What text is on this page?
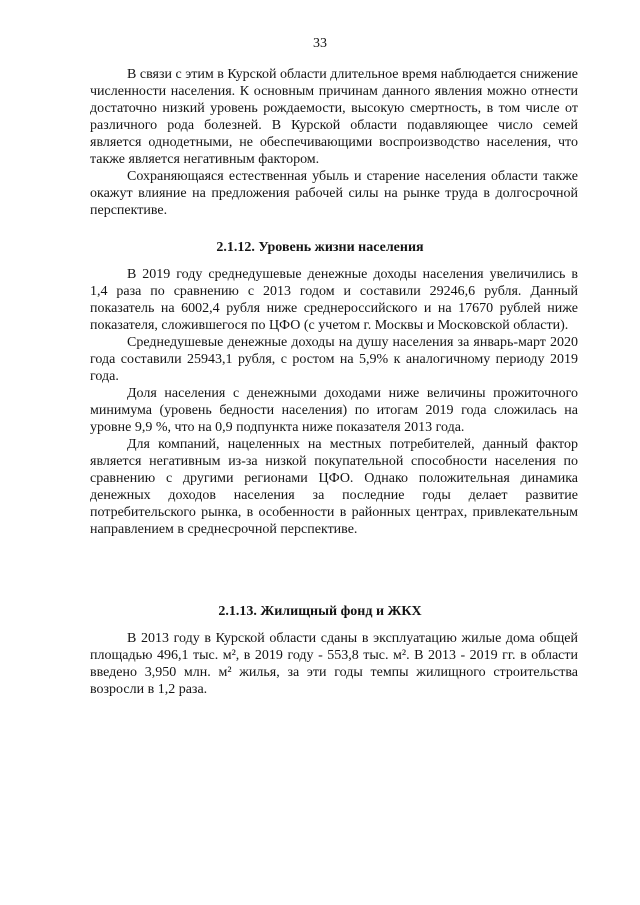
33

В связи с этим в Курской области длительное время наблюдается снижение численности населения. К основным причинам данного явления можно отнести достаточно низкий уровень рождаемости, высокую смертность, в том числе от различного рода болезней. В Курской области подавляющее число семей является однодетными, не обеспечивающими воспроизводство населения, что также является негативным фактором.

Сохраняющаяся естественная убыль и старение населения области также окажут влияние на предложения рабочей силы на рынке труда в долгосрочной перспективе.

2.1.12. Уровень жизни населения

В 2019 году среднедушевые денежные доходы населения увеличились в 1,4 раза по сравнению с 2013 годом и составили 29246,6 рубля. Данный показатель на 6002,4 рубля ниже среднероссийского и на 17670 рублей ниже показателя, сложившегося по ЦФО (с учетом г. Москвы и Московской области).

Среднедушевые денежные доходы на душу населения за январь-март 2020 года составили 25943,1 рубля, с ростом на 5,9% к аналогичному периоду 2019 года.

Доля населения с денежными доходами ниже величины прожиточного минимума (уровень бедности населения) по итогам 2019 года сложилась на уровне 9,9 %, что на 0,9 подпункта ниже показателя 2013 года.

Для компаний, нацеленных на местных потребителей, данный фактор является негативным из-за низкой покупательной способности населения по сравнению с другими регионами ЦФО. Однако положительная динамика денежных доходов населения за последние годы делает развитие потребительского рынка, в особенности в районных центрах, привлекательным направлением в среднесрочной перспективе.

2.1.13. Жилищный фонд и ЖКХ

В 2013 году в Курской области сданы в эксплуатацию жилые дома общей площадью 496,1 тыс. м², в 2019 году - 553,8 тыс. м². В 2013 - 2019 гг. в области введено 3,950 млн. м² жилья, за эти годы темпы жилищного строительства возросли в 1,2 раза.
